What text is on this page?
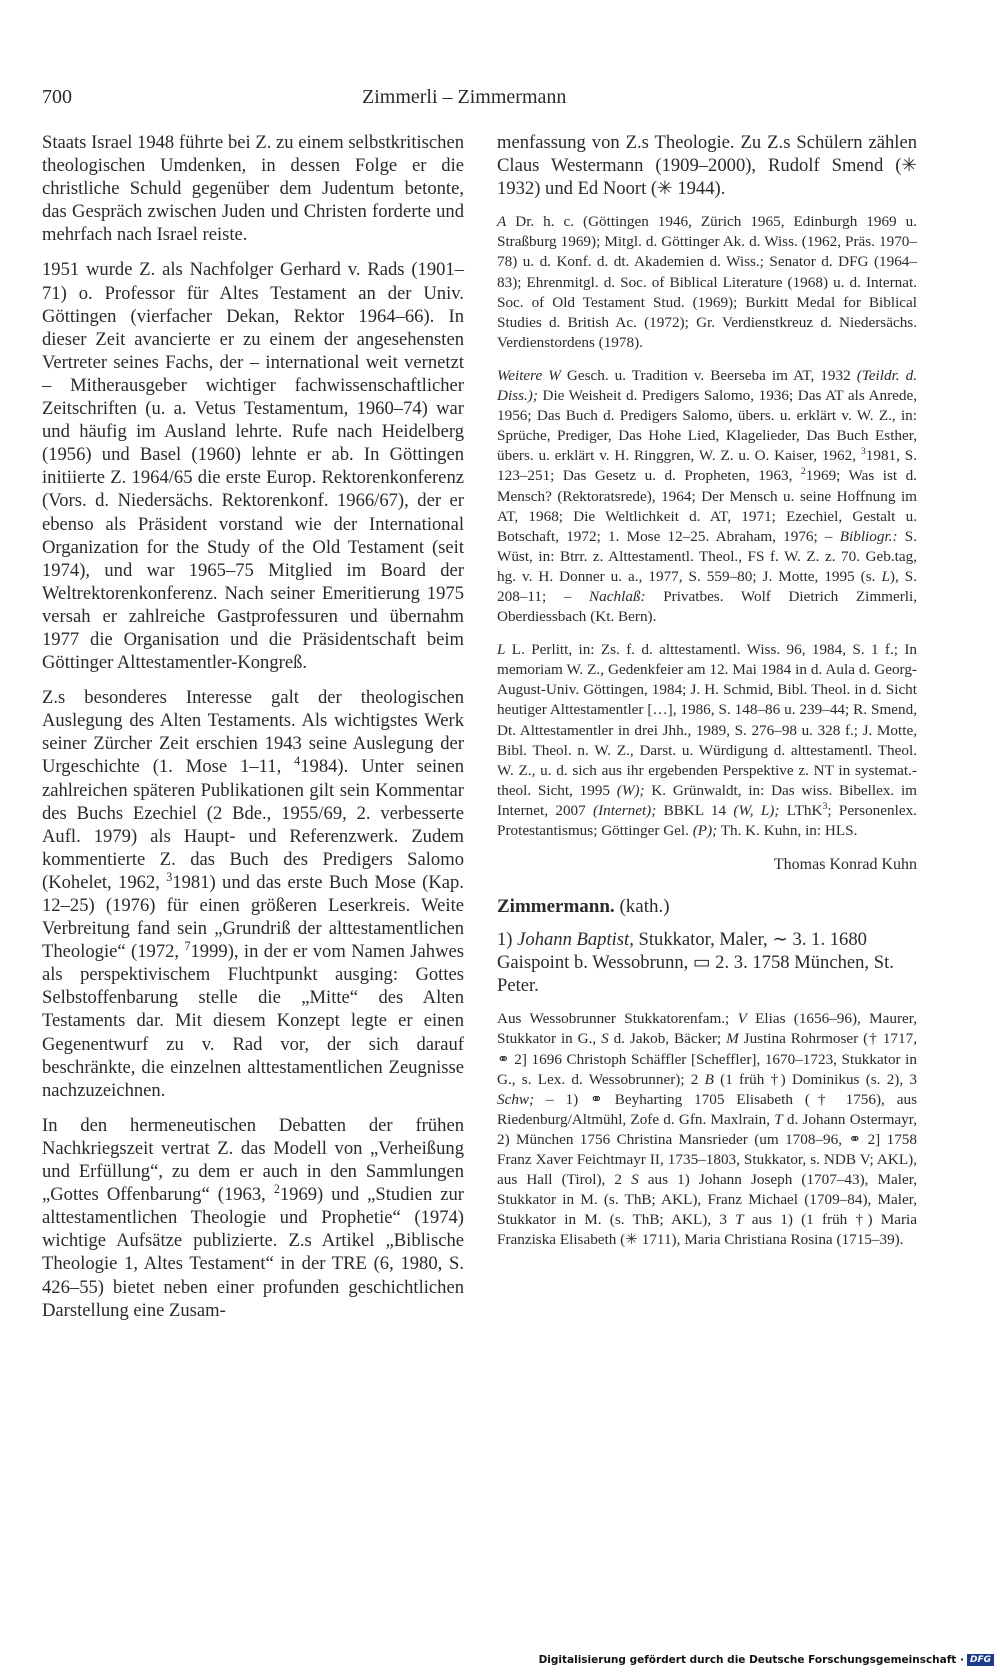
700	Zimmerli – Zimmermann

Staats Israel 1948 führte bei Z. zu einem selbstkritischen theologischen Umdenken, in dessen Folge er die christliche Schuld gegenüber dem Judentum betonte, das Gespräch zwischen Juden und Christen forderte und mehrfach nach Israel reiste.

1951 wurde Z. als Nachfolger Gerhard v. Rads (1901–71) o. Professor für Altes Testament an der Univ. Göttingen (vierfacher Dekan, Rektor 1964–66). In dieser Zeit avancierte er zu einem der angesehensten Vertreter seines Fachs, der – international weit vernetzt – Mitherausgeber wichtiger fachwissenschaftlicher Zeitschriften (u. a. Vetus Testamentum, 1960–74) war und häufig im Ausland lehrte. Rufe nach Heidelberg (1956) und Basel (1960) lehnte er ab. In Göttingen initiierte Z. 1964/65 die erste Europ. Rektorenkonferenz (Vors. d. Niedersächs. Rektorenkonf. 1966/67), der er ebenso als Präsident vorstand wie der International Organization for the Study of the Old Testament (seit 1974), und war 1965–75 Mitglied im Board der Weltrektorenkonferenz. Nach seiner Emeritierung 1975 versah er zahlreiche Gastprofessuren und übernahm 1977 die Organisation und die Präsidentschaft beim Göttinger Alttestamentler-Kongreß.

Z.s besonderes Interesse galt der theologischen Auslegung des Alten Testaments. Als wichtigstes Werk seiner Zürcher Zeit erschien 1943 seine Auslegung der Urgeschichte (1. Mose 1–11, $^4$1984). Unter seinen zahlreichen späteren Publikationen gilt sein Kommentar des Buchs Ezechiel (2 Bde., 1955/69, 2. verbesserte Aufl. 1979) als Haupt- und Referenzwerk. Zudem kommentierte Z. das Buch des Predigers Salomo (Kohelet, 1962, $^3$1981) und das erste Buch Mose (Kap. 12–25) (1976) für einen größeren Leserkreis. Weite Verbreitung fand sein „Grundriß der alttestamentlichen Theologie“ (1972, $^7$1999), in der er vom Namen Jahwes als perspektivischem Fluchtpunkt ausging: Gottes Selbstoffenbarung stelle die „Mitte“ des Alten Testaments dar. Mit diesem Konzept legte er einen Gegenentwurf zu v. Rad vor, der sich darauf beschränkte, die einzelnen alttestamentlichen Zeugnisse nachzuzeichnen.

In den hermeneutischen Debatten der frühen Nachkriegszeit vertrat Z. das Modell von „Verheißung und Erfüllung“, zu dem er auch in den Sammlungen „Gottes Offenbarung“ (1963, $^2$1969) und „Studien zur alttestamentlichen Theologie und Prophetie“ (1974) wichtige Aufsätze publizierte. Z.s Artikel „Biblische Theologie 1, Altes Testament“ in der TRE (6, 1980, S. 426–55) bietet neben einer profunden geschichtlichen Darstellung eine Zusam-

menfassung von Z.s Theologie. Zu Z.s Schülern zählen Claus Westermann (1909–2000), Rudolf Smend (✳ 1932) und Ed Noort (✳ 1944).

A Dr. h. c. (Göttingen 1946, Zürich 1965, Edinburgh 1969 u. Straßburg 1969); Mitgl. d. Göttinger Ak. d. Wiss. (1962, Präs. 1970–78) u. d. Konf. d. dt. Akademien d. Wiss.; Senator d. DFG (1964–83); Ehrenmitgl. d. Soc. of Biblical Literature (1968) u. d. Internat. Soc. of Old Testament Stud. (1969); Burkitt Medal for Biblical Studies d. British Ac. (1972); Gr. Verdienstkreuz d. Niedersächs. Verdienstordens (1978).

Weitere W Gesch. u. Tradition v. Beerseba im AT, 1932 (Teildr. d. Diss.); Die Weisheit d. Predigers Salomo, 1936; Das AT als Anrede, 1956; Das Buch d. Predigers Salomo, übers. u. erklärt v. W. Z., in: Sprüche, Prediger, Das Hohe Lied, Klagelieder, Das Buch Esther, übers. u. erklärt v. H. Ringgren, W. Z. u. O. Kaiser, 1962, $^3$1981, S. 123–251; Das Gesetz u. d. Propheten, 1963, $^2$1969; Was ist d. Mensch? (Rektoratsrede), 1964; Der Mensch u. seine Hoffnung im AT, 1968; Die Weltlichkeit d. AT, 1971; Ezechiel, Gestalt u. Botschaft, 1972; 1. Mose 12–25. Abraham, 1976; – Bibliogr.: S. Wüst, in: Btrr. z. Alttestamentl. Theol., FS f. W. Z. z. 70. Geb.tag, hg. v. H. Donner u. a., 1977, S. 559–80; J. Motte, 1995 (s. L), S. 208–11; – Nachlaß: Privatbes. Wolf Dietrich Zimmerli, Oberdiessbach (Kt. Bern).

L L. Perlitt, in: Zs. f. d. alttestamentl. Wiss. 96, 1984, S. 1 f.; In memoriam W. Z., Gedenkfeier am 12. Mai 1984 in d. Aula d. Georg-August-Univ. Göttingen, 1984; J. H. Schmid, Bibl. Theol. in d. Sicht heutiger Alttestamentler […], 1986, S. 148–86 u. 239–44; R. Smend, Dt. Alttestamentler in drei Jhh., 1989, S. 276–98 u. 328 f.; J. Motte, Bibl. Theol. n. W. Z., Darst. u. Würdigung d. alttestamentl. Theol. W. Z., u. d. sich aus ihr ergebenden Perspektive z. NT in systemat.-theol. Sicht, 1995 (W); K. Grünwaldt, in: Das wiss. Bibellex. im Internet, 2007 (Internet); BBKL 14 (W, L); LThK$^3$; Personenlex. Protestantismus; Göttinger Gel. (P); Th. K. Kuhn, in: HLS.

Thomas Konrad Kuhn
Zimmermann. (kath.)

1) Johann Baptist, Stukkator, Maler, ∼ 3. 1. 1680 Gaispoint b. Wessobrunn, ▭ 2. 3. 1758 München, St. Peter.

Aus Wessobrunner Stukkatorenfam.; V Elias (1656–96), Maurer, Stukkator in G., S d. Jakob, Bäcker; M Justina Rohrmoser († 1717, ⚭ 2] 1696 Christoph Schäffler [Scheffler], 1670–1723, Stukkator in G., s. Lex. d. Wessobrunner); 2 B (1 früh †) Dominikus (s. 2), 3 Schw; – 1) ⚭ Beyharting 1705 Elisabeth († 1756), aus Riedenburg/Altmühl, Zofe d. Gfn. Maxlrain, T d. Johann Ostermayr, 2) München 1756 Christina Mansrieder (um 1708–96, ⚭ 2] 1758 Franz Xaver Feichtmayr II, 1735–1803, Stukkator, s. NDB V; AKL), aus Hall (Tirol), 2 S aus 1) Johann Joseph (1707–43), Maler, Stukkator in M. (s. ThB; AKL), Franz Michael (1709–84), Maler, Stukkator in M. (s. ThB; AKL), 3 T aus 1) (1 früh †) Maria Franziska Elisabeth (✳ 1711), Maria Christiana Rosina (1715–39).

Digitalisierung gefördert durch die Deutsche Forschungsgemeinschaft · DFG
